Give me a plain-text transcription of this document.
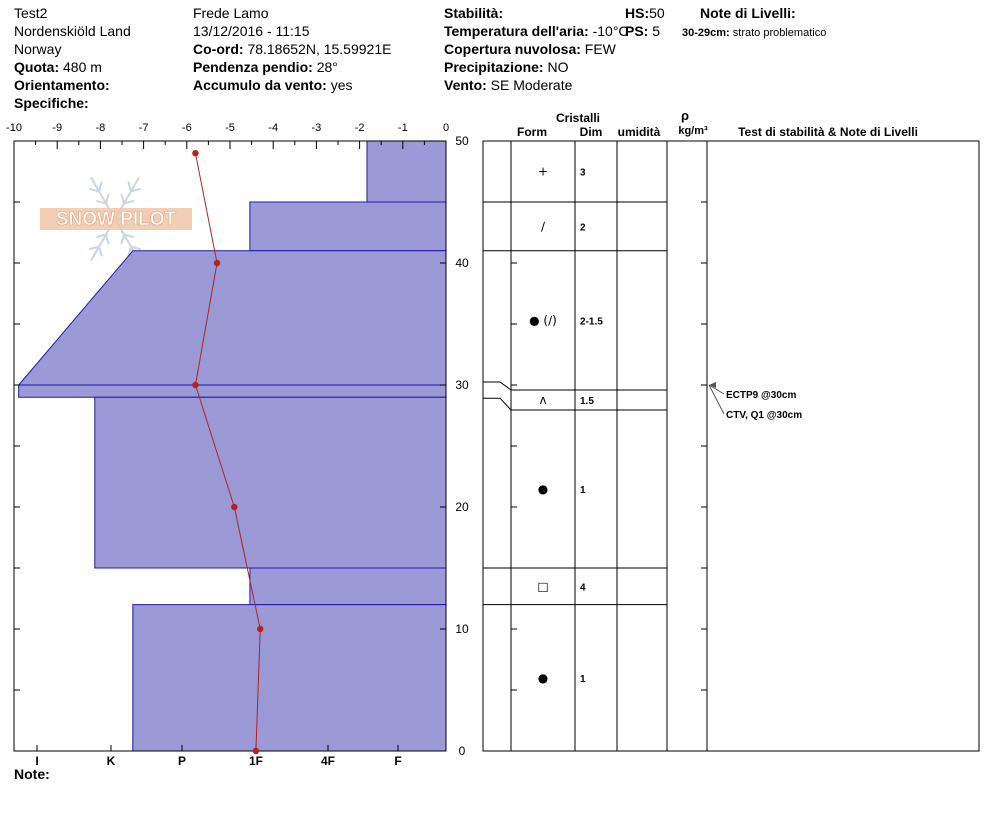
SNOW PILOT
-10	-9	-8	-7	-6	-5	-4	-3	-2	-1	0
0
10
20
30
40
50
I	K	P	1F	4F	F
Cristalli
Form	Dim umidità
ρ
kg/m³	Test di stabilità & Note di Livelli
+	3
∕	2
● (∕) 2-1.5
ᴧ	1.5
●	1
□	4
●	1
ECTP9 @30cm
CTV, Q1 @30cm
Test2
Nordenskiöld Land
Norway
Quota: 480 m
Orientamento:
Specifiche:
Frede Lamo
13/12/2016 - 11:15
Co-ord: 78.18652N, 15.59921E
Pendenza pendio: 28°
Accumulo da vento: yes
Stabilità:
Temperatura dell'aria: -10°C
Copertura nuvolosa: FEW
Precipitazione: NO
Vento: SE Moderate
HS:50
PS: 5
Note di Livelli:
30-29cm: strato problematico
Note:
